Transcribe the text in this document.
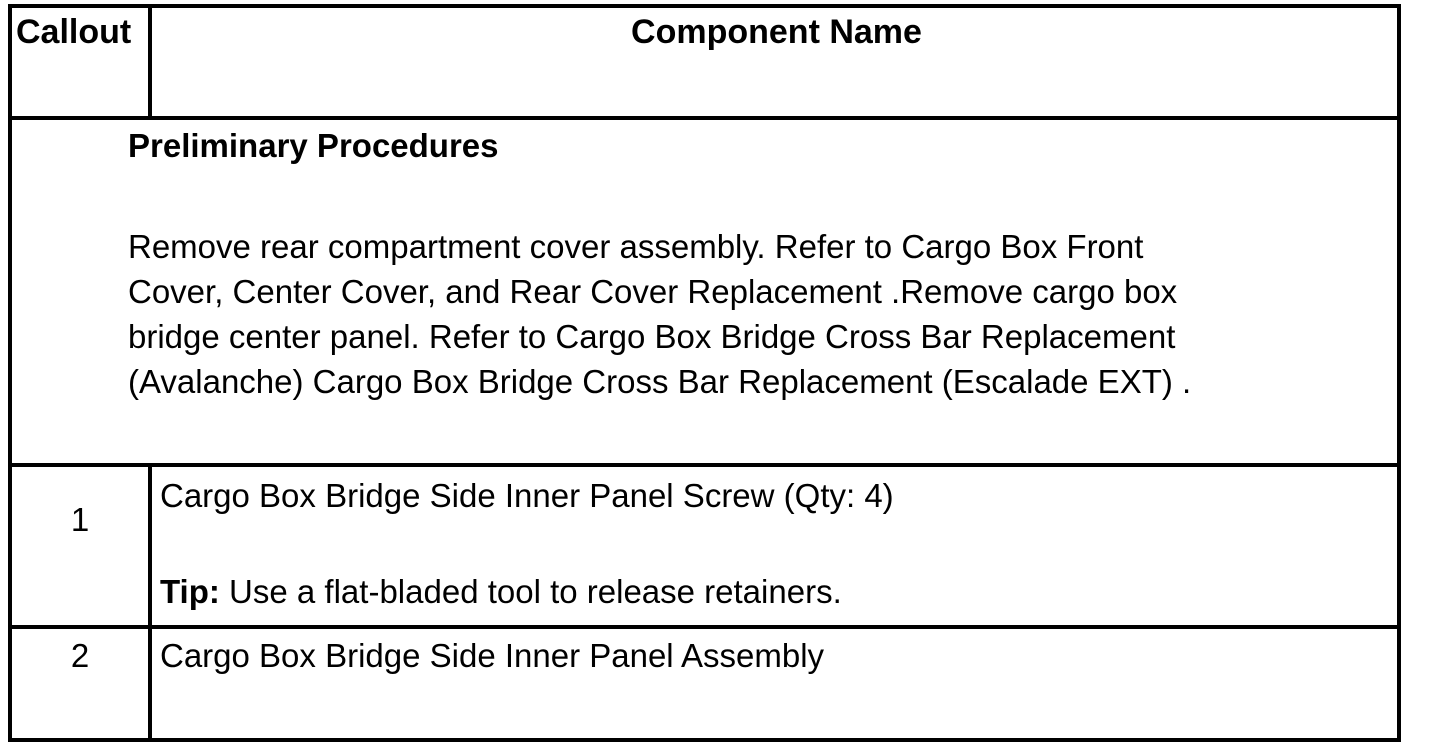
Callout	Component Name
Preliminary Procedures
Remove rear compartment cover assembly. Refer to Cargo Box Front
Cover, Center Cover, and Rear Cover Replacement .Remove cargo box
bridge center panel. Refer to Cargo Box Bridge Cross Bar Replacement
(Avalanche) Cargo Box Bridge Cross Bar Replacement (Escalade EXT) .
1
Cargo Box Bridge Side Inner Panel Screw (Qty: 4)
Tip: Use a flat-bladed tool to release retainers.
2	Cargo Box Bridge Side Inner Panel Assembly
